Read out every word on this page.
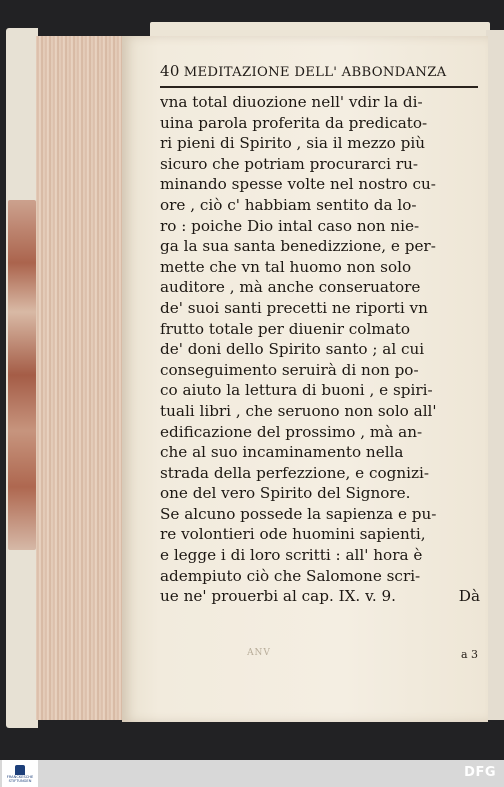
40 MEDITAZIONE DELL' ABBONDANZA
vna total diuozione nell' vdir la di-
uina parola proferita da predicato-
ri pieni di Spirito , sia il mezzo più
sicuro che potriam procurarci ru-
minando spesse volte nel nostro cu-
ore , ciò c' habbiam sentito da lo-
ro : poiche Dio intal caso non nie-
ga la sua santa benedizzione, e per-
mette che vn tal huomo non solo
auditore , mà anche conseruatore
de' suoi santi precetti ne riporti vn
frutto totale per diuenir colmato
de' doni dello Spirito santo ; al cui
conseguimento seruirà di non po-
co aiuto la lettura di buoni , e spiri-
tuali libri , che seruono non solo all'
edificazione del prossimo , mà an-
che al suo incaminamento nella
strada della perfezzione, e cognizi-
one del vero Spirito del Signore.
Se alcuno possede la sapienza e pu-
re volontieri ode huomini sapienti,
e legge i di loro scritti : all' hora è
adempiuto ciò che Salomone scri-
ue ne' prouerbi al cap. IX. v. 9.	Dà
ANV	a 3
FRANCKESCHE STIFTUNGEN
DFG
